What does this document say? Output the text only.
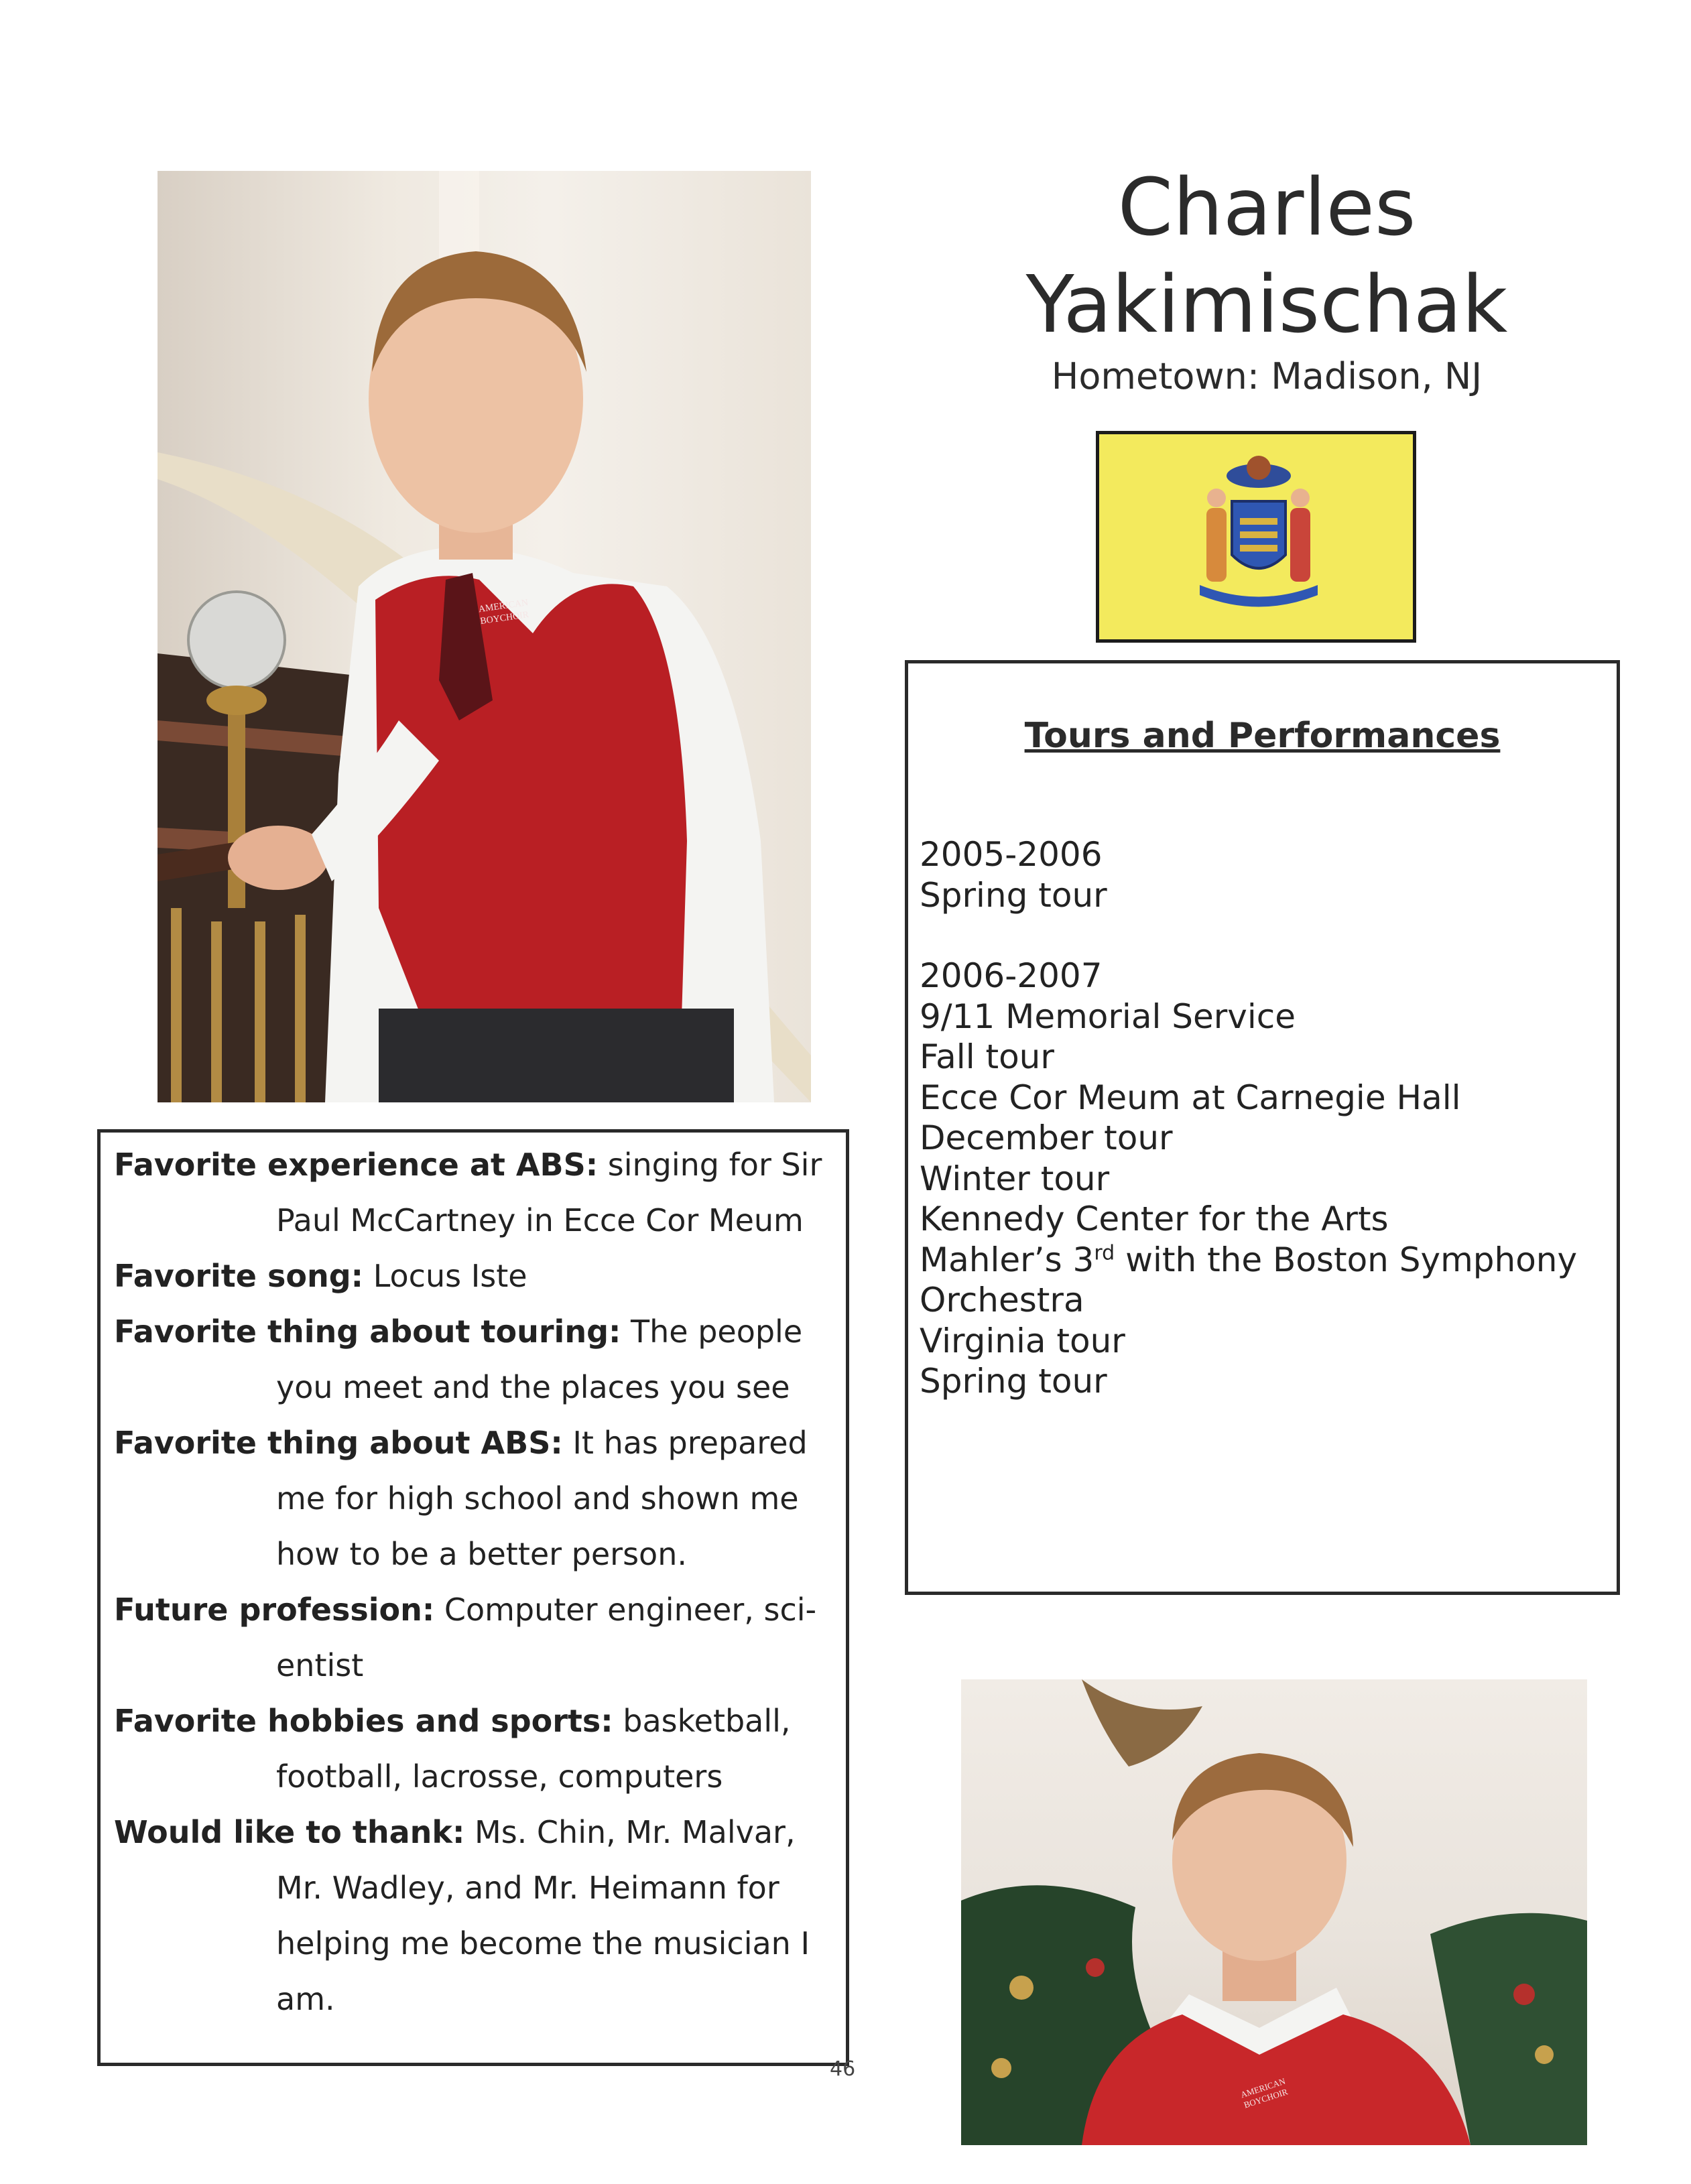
AMERICAN BOYCHOIR
Charles
Yakimischak
Hometown: Madison, NJ
Tours and Performances
2005-2006
Spring tour
2006-2007
9/11 Memorial Service
Fall tour
Ecce Cor Meum at Carnegie Hall
December tour
Winter tour
Kennedy Center for the Arts
Mahler’s 3rd with the Boston Symphony
Orchestra
Virginia tour
Spring tour
Favorite experience at ABS: singing for Sir
Paul McCartney in Ecce Cor Meum
Favorite song: Locus Iste
Favorite thing about touring: The people
you meet and the places you see
Favorite thing about ABS: It has prepared
me for high school and shown me
how to be a better person.
Future profession: Computer engineer, sci-
entist
Favorite hobbies and sports: basketball,
football, lacrosse, computers
Would like to thank: Ms. Chin, Mr. Malvar,
Mr. Wadley, and Mr. Heimann for
helping me become the musician I
am.
46
AMERICAN BOYCHOIR
